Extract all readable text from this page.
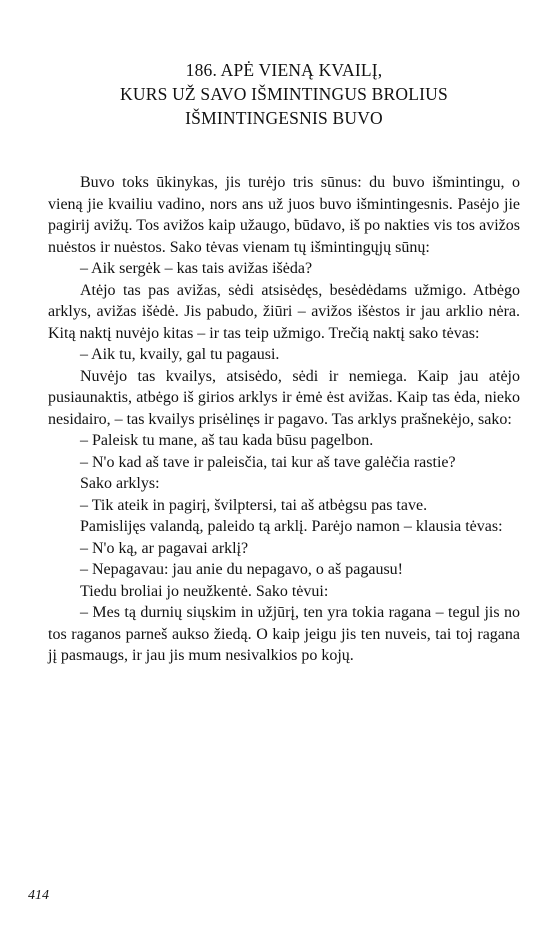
186. APĖ VIENĄ KVAILĮ,
KURS UŽ SAVO IŠMINTINGUS BROLIUS
IŠMINTINGESNIS BUVO

Buvo toks ūkinykas, jis turėjo tris sūnus: du buvo išmintingu, o vieną jie kvailiu vadino, nors ans už juos buvo išmintingesnis. Pasėjo jie pagirij avižų. Tos avižos kaip užaugo, būdavo, iš po nakties vis tos avižos nuėstos ir nuėstos. Sako tėvas vienam tų išmintingųjų sūnų:

– Aik sergėk – kas tais avižas išėda?

Atėjo tas pas avižas, sėdi atsisėdęs, besėdėdams užmigo. Atbėgo arklys, avižas išėdė. Jis pabudo, žiūri – avižos išėstos ir jau arklio nėra. Kitą naktį nuvėjo kitas – ir tas teip užmigo. Trečią naktį sako tėvas:

– Aik tu, kvaily, gal tu pagausi.

Nuvėjo tas kvailys, atsisėdo, sėdi ir nemiega. Kaip jau atėjo pusiaunaktis, atbėgo iš girios arklys ir ėmė ėst avižas. Kaip tas ėda, nieko nesidairo, – tas kvailys prisėlinęs ir pagavo. Tas arklys prašnekėjo, sako:

– Paleisk tu mane, aš tau kada būsu pagelbon.

– N'o kad aš tave ir paleisčia, tai kur aš tave galėčia rastie?

Sako arklys:

– Tik ateik in pagirį, švilptersi, tai aš atbėgsu pas tave.

Pamislijęs valandą, paleido tą arklį. Parėjo namon – klausia tėvas:

– N'o ką, ar pagavai arklį?

– Nepagavau: jau anie du nepagavo, o aš pagausu!

Tiedu broliai jo neužkentė. Sako tėvui:

– Mes tą durnių siųskim in užjūrį, ten yra tokia ragana – tegul jis no tos raganos parneš aukso žiedą. O kaip jeigu jis ten nuveis, tai toj ragana jį pasmaugs, ir jau jis mum nesivalkios po kojų.

414
